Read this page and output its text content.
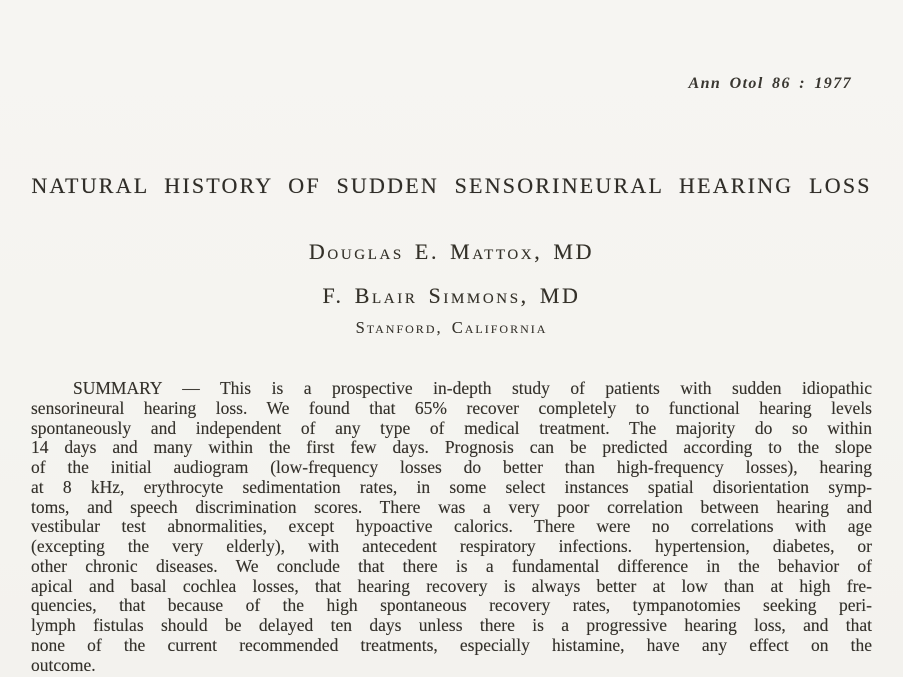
Ann Otol 86 : 1977
NATURAL HISTORY OF SUDDEN SENSORINEURAL HEARING LOSS
Douglas E. Mattox, MD
F. Blair Simmons, MD
Stanford, California
SUMMARY — This is a prospective in-depth study of patients with sudden idiopathic
sensorineural hearing loss. We found that 65% recover completely to functional hearing levels
spontaneously and independent of any type of medical treatment. The majority do so within
14 days and many within the first few days. Prognosis can be predicted according to the slope
of the initial audiogram (low-frequency losses do better than high-frequency losses), hearing
at 8 kHz, erythrocyte sedimentation rates, in some select instances spatial disorientation symp-
toms, and speech discrimination scores. There was a very poor correlation between hearing and
vestibular test abnormalities, except hypoactive calorics. There were no correlations with age
(excepting the very elderly), with antecedent respiratory infections. hypertension, diabetes, or
other chronic diseases. We conclude that there is a fundamental difference in the behavior of
apical and basal cochlea losses, that hearing recovery is always better at low than at high fre-
quencies, that because of the high spontaneous recovery rates, tympanotomies seeking peri-
lymph fistulas should be delayed ten days unless there is a progressive hearing loss, and that
none of the current recommended treatments, especially histamine, have any effect on the
outcome.
